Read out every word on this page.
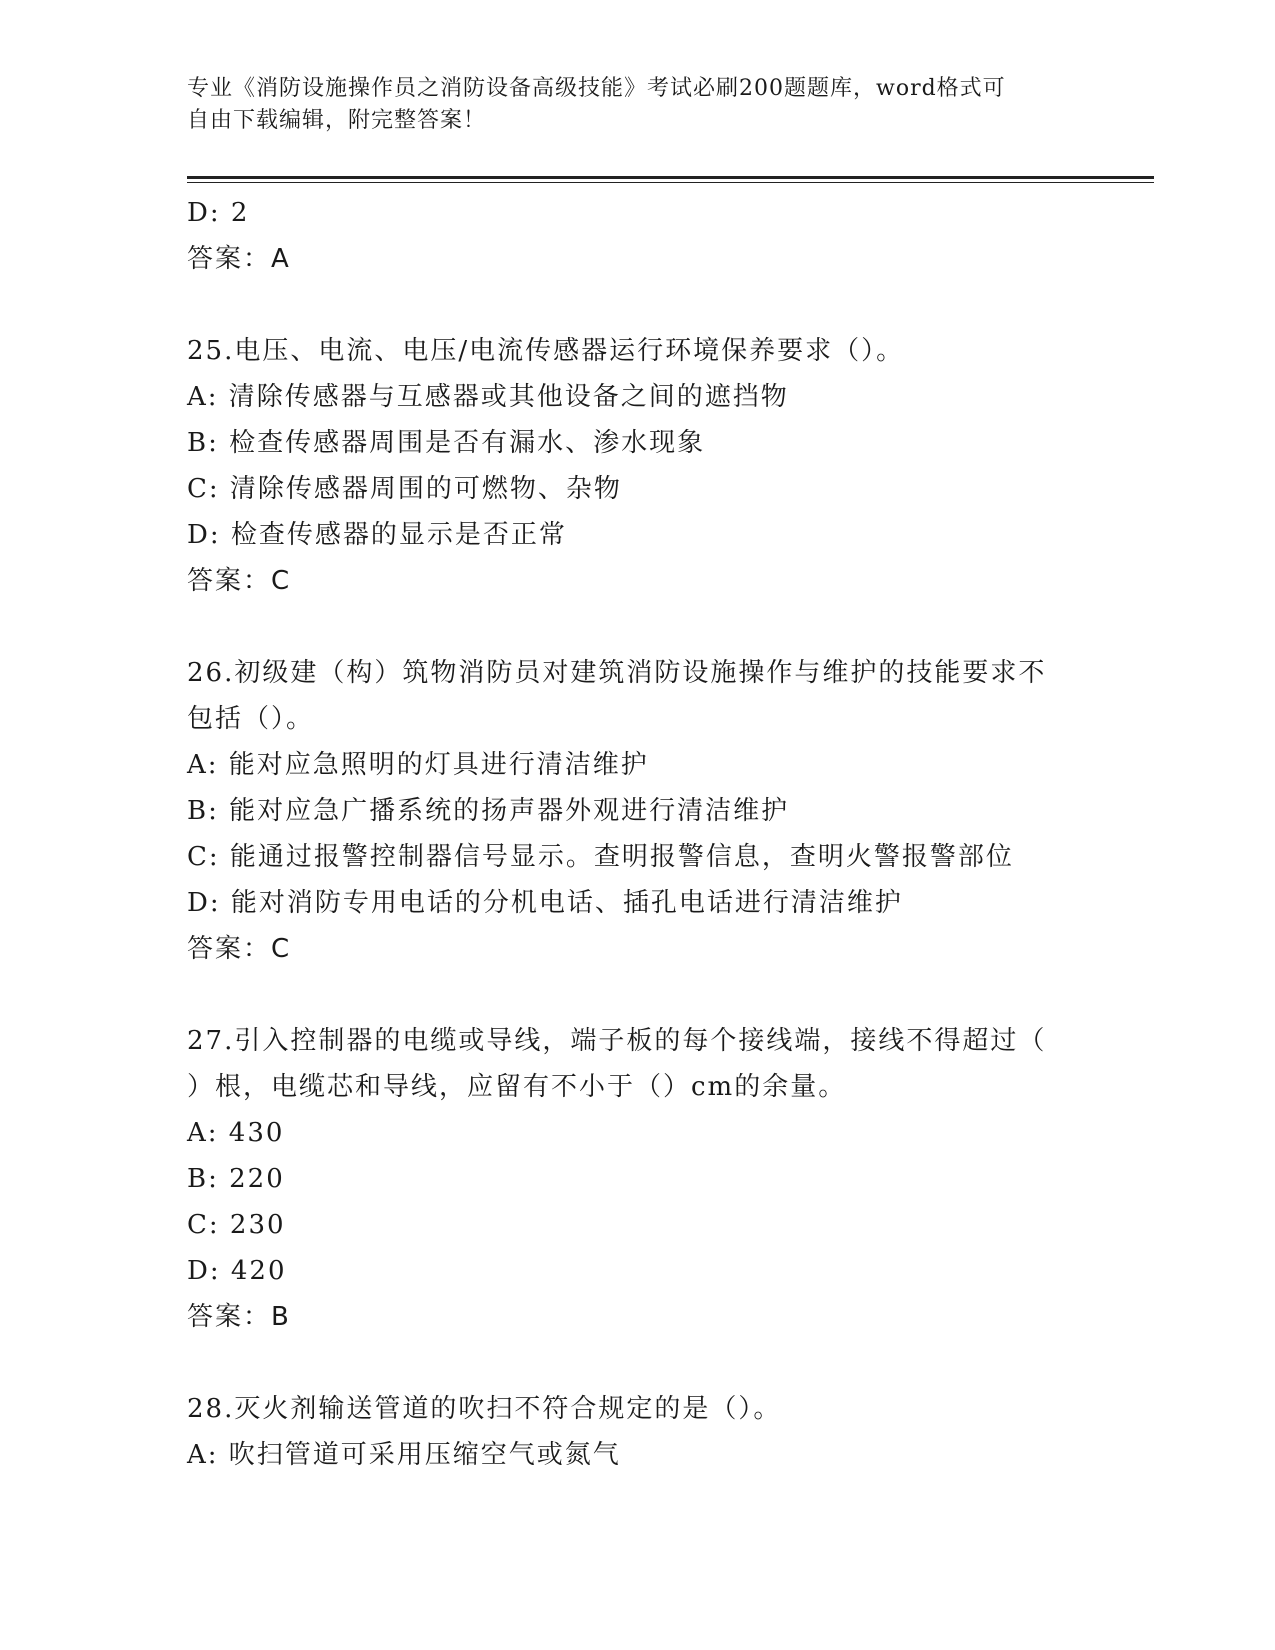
专业《消防设施操作员之消防设备高级技能》考试必刷200题题库，word格式可
自由下载编辑，附完整答案！
D: 2
答案：A
25.电压、电流、电压/电流传感器运行环境保养要求（）。
A: 清除传感器与互感器或其他设备之间的遮挡物
B: 检查传感器周围是否有漏水、渗水现象
C: 清除传感器周围的可燃物、杂物
D: 检查传感器的显示是否正常
答案：C
26.初级建（构）筑物消防员对建筑消防设施操作与维护的技能要求不
包括（）。
A: 能对应急照明的灯具进行清洁维护
B: 能对应急广播系统的扬声器外观进行清洁维护
C: 能通过报警控制器信号显示。查明报警信息，查明火警报警部位
D: 能对消防专用电话的分机电话、插孔电话进行清洁维护
答案：C
27.引入控制器的电缆或导线，端子板的每个接线端，接线不得超过（
）根，电缆芯和导线，应留有不小于（）cm的余量。
A: 430
B: 220
C: 230
D: 420
答案：B
28.灭火剂输送管道的吹扫不符合规定的是（）。
A: 吹扫管道可采用压缩空气或氮气
